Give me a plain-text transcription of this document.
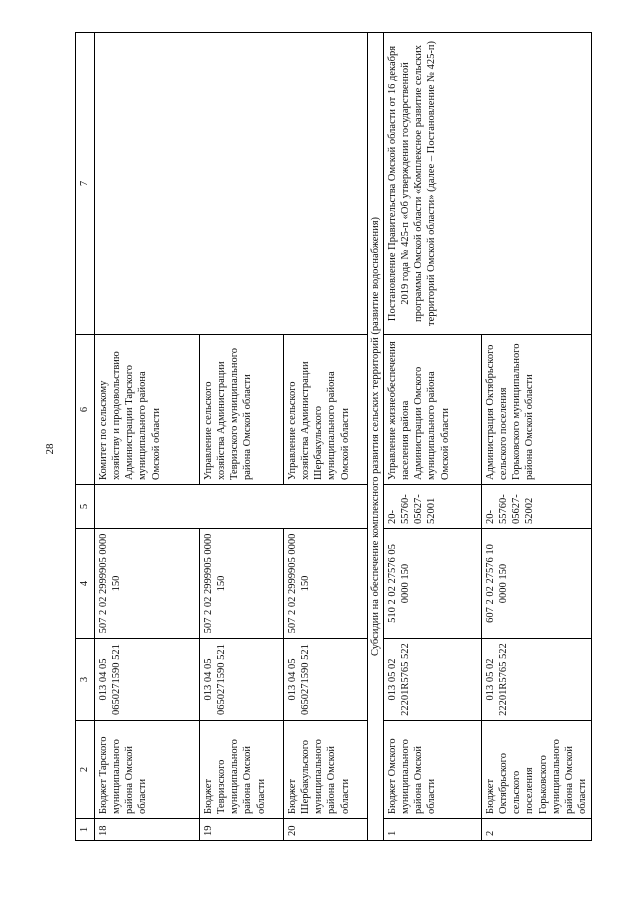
28
1	2	3	4	5	6	7
18	Бюджет Тарского муниципального района Омской области	013 04 05 0650271590 521	507 2 02 2999905 0000 150		Комитет по сельскому хозяйству и продовольствию Администрации Тарского муниципального района Омской области	
19	Бюджет Тевризского муниципального района Омской области	013 04 05 0650271590 521	507 2 02 2999905 0000 150		Управление сельского хозяйства Администрации Тевризского муниципального района Омской области	
20	Бюджет Шербакульского муниципального района Омской области	013 04 05 0650271590 521	507 2 02 2999905 0000 150		Управление сельского хозяйства Администрации Шербакульского муниципального района Омской области	
Субсидии на обеспечение комплексного развития сельских территорий (развитие водоснабжения)						
1	Бюджет Омского муниципального района Омской области	013 05 02 22201R5765 522	510 2 02 27576 05 0000 150	20-55760-05627-52001	Управление жизнеобеспечения населения района Администрации Омского муниципального района Омской области	Постановление Правительства Омской области от 16 декабря 2019 года № 425-п «Об утверждении государственной программы Омской области «Комплексное развитие сельских территорий Омской области» (далее – Постановление № 425-п)
2	Бюджет Октябрьского сельского поселения Горьковского муниципального района Омской области	013 05 02 22201R5765 522	607 2 02 27576 10 0000 150	20-55760-05627-52002	Администрация Октябрьского сельского поселения Горьковского муниципального района Омской области	
